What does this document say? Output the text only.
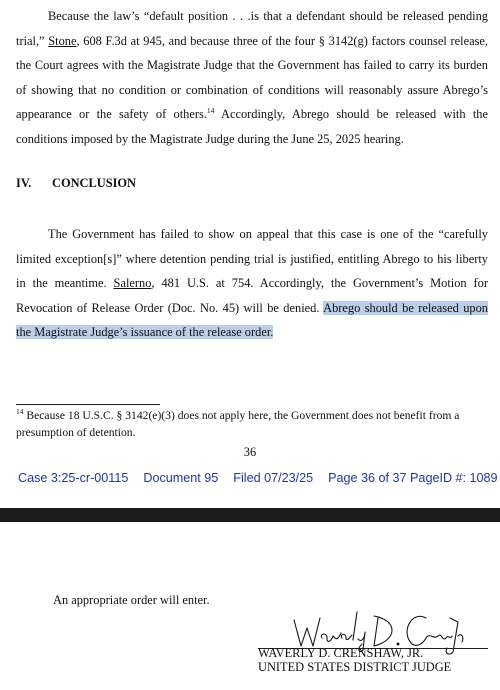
Because the law’s “default position . . .is that a defendant should be released pending trial,” Stone, 608 F.3d at 945, and because three of the four § 3142(g) factors counsel release, the Court agrees with the Magistrate Judge that the Government has failed to carry its burden of showing that no condition or combination of conditions will reasonably assure Abrego’s appearance or the safety of others.$^{14}$ Accordingly, Abrego should be released with the conditions imposed by the Magistrate Judge during the June 25, 2025 hearing.

IV. CONCLUSION

The Government has failed to show on appeal that this case is one of the “carefully limited exception[s]” where detention pending trial is justified, entitling Abrego to his liberty in the meantime. Salerno, 481 U.S. at 754. Accordingly, the Government’s Motion for Revocation of Release Order (Doc. No. 45) will be denied. Abrego should be released upon the Magistrate Judge’s issuance of the release order.

$^{14}$ Because 18 U.S.C. § 3142(e)(3) does not apply here, the Government does not benefit from a presumption of detention.

36

Case 3:25-cr-00115 Document 95 Filed 07/23/25 Page 36 of 37 PageID #: 1089

An appropriate order will enter.

WAVERLY D. CRENSHAW, JR.

UNITED STATES DISTRICT JUDGE
